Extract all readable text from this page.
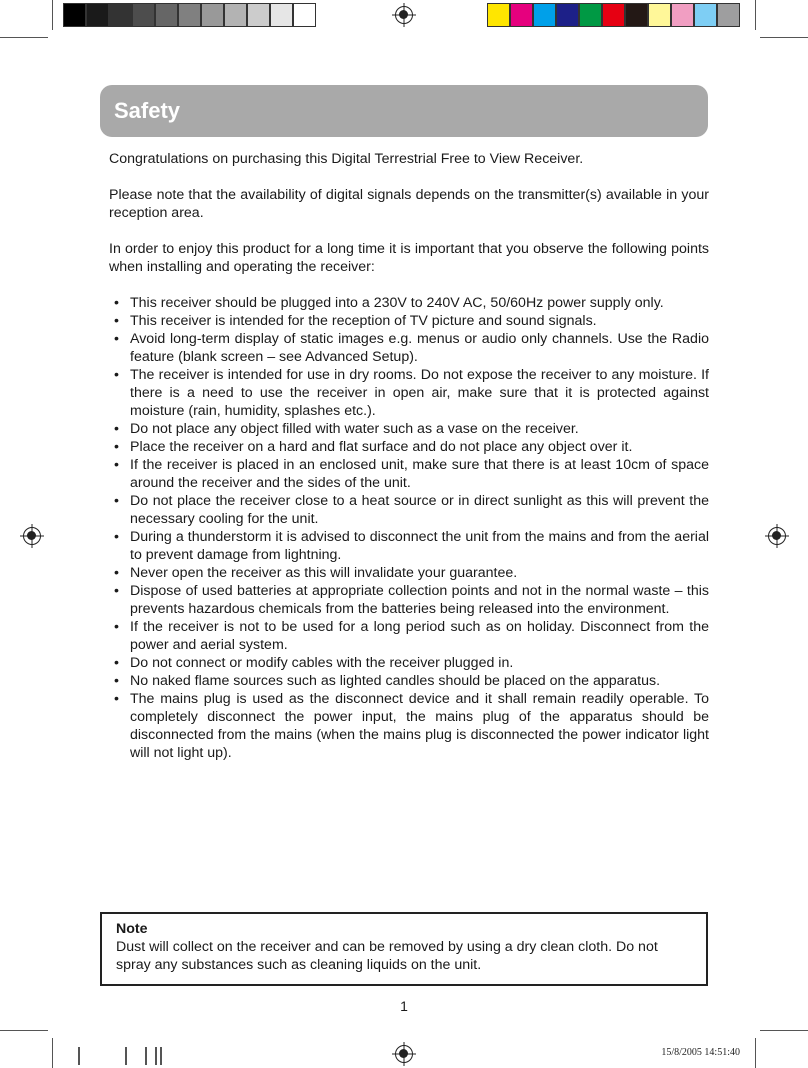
Safety

Congratulations on purchasing this Digital Terrestrial Free to View Receiver.

Please note that the availability of digital signals depends on the transmitter(s) available in your reception area.

In order to enjoy this product for a long time it is important that you observe the following points when installing and operating the receiver:

• This receiver should be plugged into a 230V to 240V AC, 50/60Hz power supply only.
• This receiver is intended for the reception of TV picture and sound signals.
• Avoid long-term display of static images e.g. menus or audio only channels. Use the Radio feature (blank screen – see Advanced Setup).
• The receiver is intended for use in dry rooms. Do not expose the receiver to any moisture. If there is a need to use the receiver in open air, make sure that it is protected against moisture (rain, humidity, splashes etc.).
• Do not place any object filled with water such as a vase on the receiver.
• Place the receiver on a hard and flat surface and do not place any object over it.
• If the receiver is placed in an enclosed unit, make sure that there is at least 10cm of space around the receiver and the sides of the unit.
• Do not place the receiver close to a heat source or in direct sunlight as this will prevent the necessary cooling for the unit.
• During a thunderstorm it is advised to disconnect the unit from the mains and from the aerial to prevent damage from lightning.
• Never open the receiver as this will invalidate your guarantee.
• Dispose of used batteries at appropriate collection points and not in the normal waste – this prevents hazardous chemicals from the batteries being released into the environment.
• If the receiver is not to be used for a long period such as on holiday. Disconnect from the power and aerial system.
• Do not connect or modify cables with the receiver plugged in.
• No naked flame sources such as lighted candles should be placed on the apparatus.
• The mains plug is used as the disconnect device and it shall remain readily operable. To completely disconnect the power input, the mains plug of the apparatus should be disconnected from the mains (when the mains plug is disconnected the power indicator light will not light up).
Note
Dust will collect on the receiver and can be removed by using a dry clean cloth. Do not spray any substances such as cleaning liquids on the unit.
1
15/8/2005 14:51:40
